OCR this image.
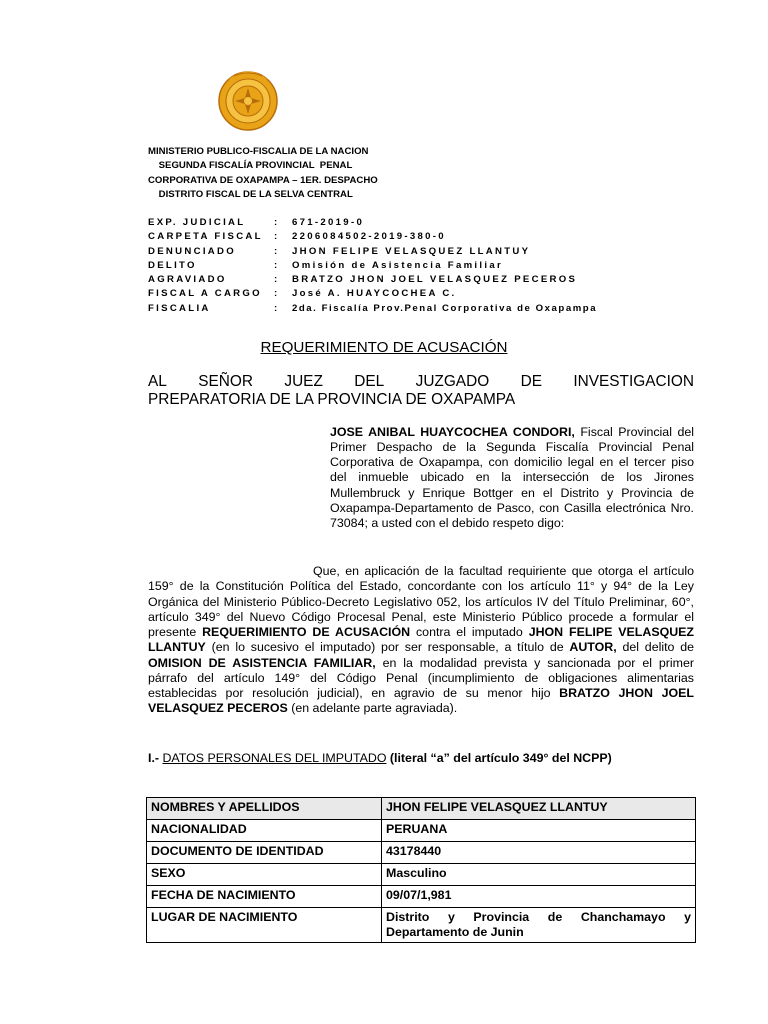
MINISTERIO PUBLICO-FISCALIA DE LA NACION
SEGUNDA FISCALÍA PROVINCIAL  PENAL
CORPORATIVA DE OXAPAMPA – 1ER. DESPACHO
DISTRITO FISCAL DE LA SELVA CENTRAL
EXP. JUDICIAL	:	671-2019-0
CARPETA FISCAL	:	2206084502-2019-380-0
DENUNCIADO	:	JHON FELIPE VELASQUEZ LLANTUY
DELITO	:	Omisión de Asistencia Familiar
AGRAVIADO	:	BRATZO JHON JOEL VELASQUEZ PECEROS
FISCAL A CARGO	:	José A. HUAYCOCHEA C.
FISCALIA	:	2da. Fiscalía Prov.Penal Corporativa de Oxapampa
REQUERIMIENTO DE ACUSACIÓN
AL SEÑOR JUEZ DEL JUZGADO DE INVESTIGACION
PREPARATORIA DE LA PROVINCIA DE OXAPAMPA
JOSE ANIBAL HUAYCOCHEA CONDORI, Fiscal Provincial del Primer Despacho de la Segunda Fiscalía Provincial Penal Corporativa de Oxapampa, con domicilio legal en el tercer piso del inmueble ubicado en la intersección de los Jirones Mullembruck y Enrique Bottger en el Distrito y Provincia de Oxapampa-Departamento de Pasco, con Casilla electrónica Nro. 73084; a usted con el debido respeto digo:

Que, en aplicación de la facultad requiriente que otorga el artículo 159° de la Constitución Política del Estado, concordante con los artículo 11° y 94° de la Ley Orgánica del Ministerio Público-Decreto Legislativo 052, los artículos IV del Título Preliminar, 60°, artículo 349° del Nuevo Código Procesal Penal, este Ministerio Público procede a formular el presente REQUERIMIENTO DE ACUSACIÓN contra el imputado JHON FELIPE VELASQUEZ LLANTUY (en lo sucesivo el imputado) por ser responsable, a título de AUTOR, del delito de OMISION DE ASISTENCIA FAMILIAR, en la modalidad prevista y sancionada por el primer párrafo del artículo 149° del Código Penal (incumplimiento de obligaciones alimentarias establecidas por resolución judicial), en agravio de su menor hijo BRATZO JHON JOEL VELASQUEZ PECEROS (en adelante parte agraviada).

I.- DATOS PERSONALES DEL IMPUTADO (literal “a” del artículo 349° del NCPP)
NOMBRES Y APELLIDOS	JHON FELIPE VELASQUEZ LLANTUY
NACIONALIDAD	PERUANA
DOCUMENTO DE IDENTIDAD	43178440
SEXO	Masculino
FECHA DE NACIMIENTO	09/07/1,981
LUGAR DE NACIMIENTO	Distrito y Provincia de Chanchamayo y Departamento de Junin
